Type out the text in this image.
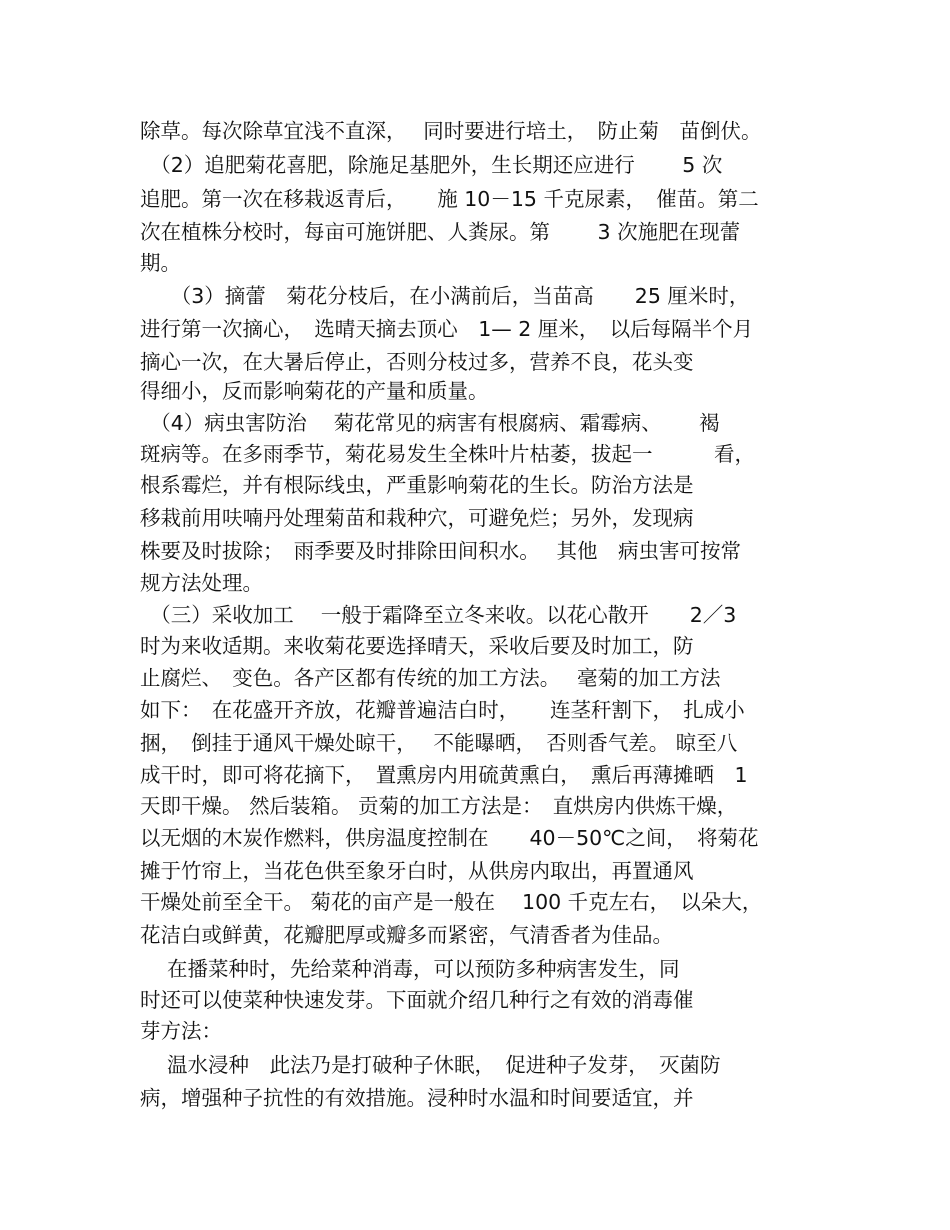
除草。每次除草宜浅不直深，　 同时要进行培土，　防止菊　苗倒伏。
　（2）追肥菊花喜肥，除施足基肥外，生长期还应进行　　 5 次
追肥。第一次在移栽返青后，　　施 10－15 千克尿素，　催苗。第二
次在植株分校时，每亩可施饼肥、人粪尿。第　　 3 次施肥在现蕾
期。
　　（3）摘蕾　菊花分枝后，在小满前后，当苗高　　25 厘米时，
进行第一次摘心，　选晴天摘去顶心　1— 2 厘米，　以后每隔半个月
摘心一次，在大暑后停止，否则分枝过多，营养不良，花头变
得细小，反而影响菊花的产量和质量。
　（4）病虫害防治　 菊花常见的病害有根腐病、霜霉病、　　 褐
斑病等。在多雨季节，菊花易发生全株叶片枯萎，拔起一　　　看，
根系霉烂，并有根际线虫，严重影响菊花的生长。防治方法是
移栽前用呋喃丹处理菊苗和栽种穴，可避免烂；另外，发现病
株要及时拔除；　雨季要及时排除田间积水。　 其他　病虫害可按常
规方法处理。
　（三）采收加工　 一般于霜降至立冬来收。以花心散开　　2／3
时为来收适期。来收菊花要选择晴天，采收后要及时加工，防
止腐烂、　变色。各产区都有传统的加工方法。　 毫菊的加工方法
如下：　在花盛开齐放，花瓣普遍洁白时，　　连茎秆割下，　扎成小
捆，　倒挂于通风干燥处晾干，　 不能曝晒，　否则香气差。 晾至八
成干时，即可将花摘下，　置熏房内用硫黄熏白，　熏后再薄摊晒　1
天即干燥。 然后装箱。 贡菊的加工方法是：　直烘房内供炼干燥，
以无烟的木炭作燃料，供房温度控制在　　40－50℃之间，　将菊花
摊于竹帘上，当花色供至象牙白时，从供房内取出，再置通风
干燥处前至全干。 菊花的亩产是一般在　 100 千克左右，　以朵大，
花洁白或鲜黄，花瓣肥厚或瓣多而紧密，气清香者为佳品。
　 在播菜种时，先给菜种消毒，可以预防多种病害发生，同
时还可以使菜种快速发芽。下面就介绍几种行之有效的消毒催
芽方法：
　 温水浸种　此法乃是打破种子休眠，　促进种子发芽，　灭菌防
病，增强种子抗性的有效措施。浸种时水温和时间要适宜，并
